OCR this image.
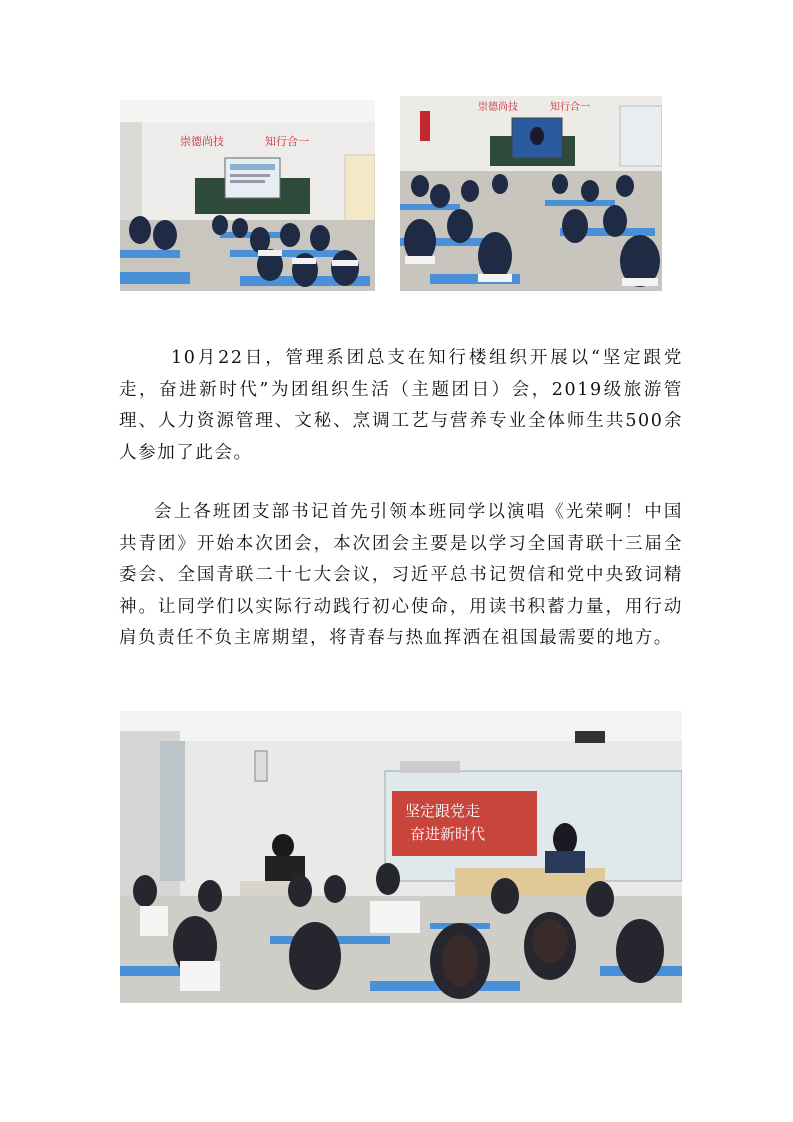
崇德尚技	知行合一
崇德尚技	知行合一

10月22日，管理系团总支在知行楼组织开展以“坚定跟党走，奋进新时代”为团组织生活（主题团日）会，2019级旅游管理、人力资源管理、文秘、烹调工艺与营养专业全体师生共500余人参加了此会。

会上各班团支部书记首先引领本班同学以演唱《光荣啊！中国共青团》开始本次团会，本次团会主要是以学习全国青联十三届全委会、全国青联二十七大会议，习近平总书记贺信和党中央致词精神。让同学们以实际行动践行初心使命，用读书积蓄力量，用行动肩负责任不负主席期望，将青春与热血挥洒在祖国最需要的地方。

坚定跟党走
奋进新时代
